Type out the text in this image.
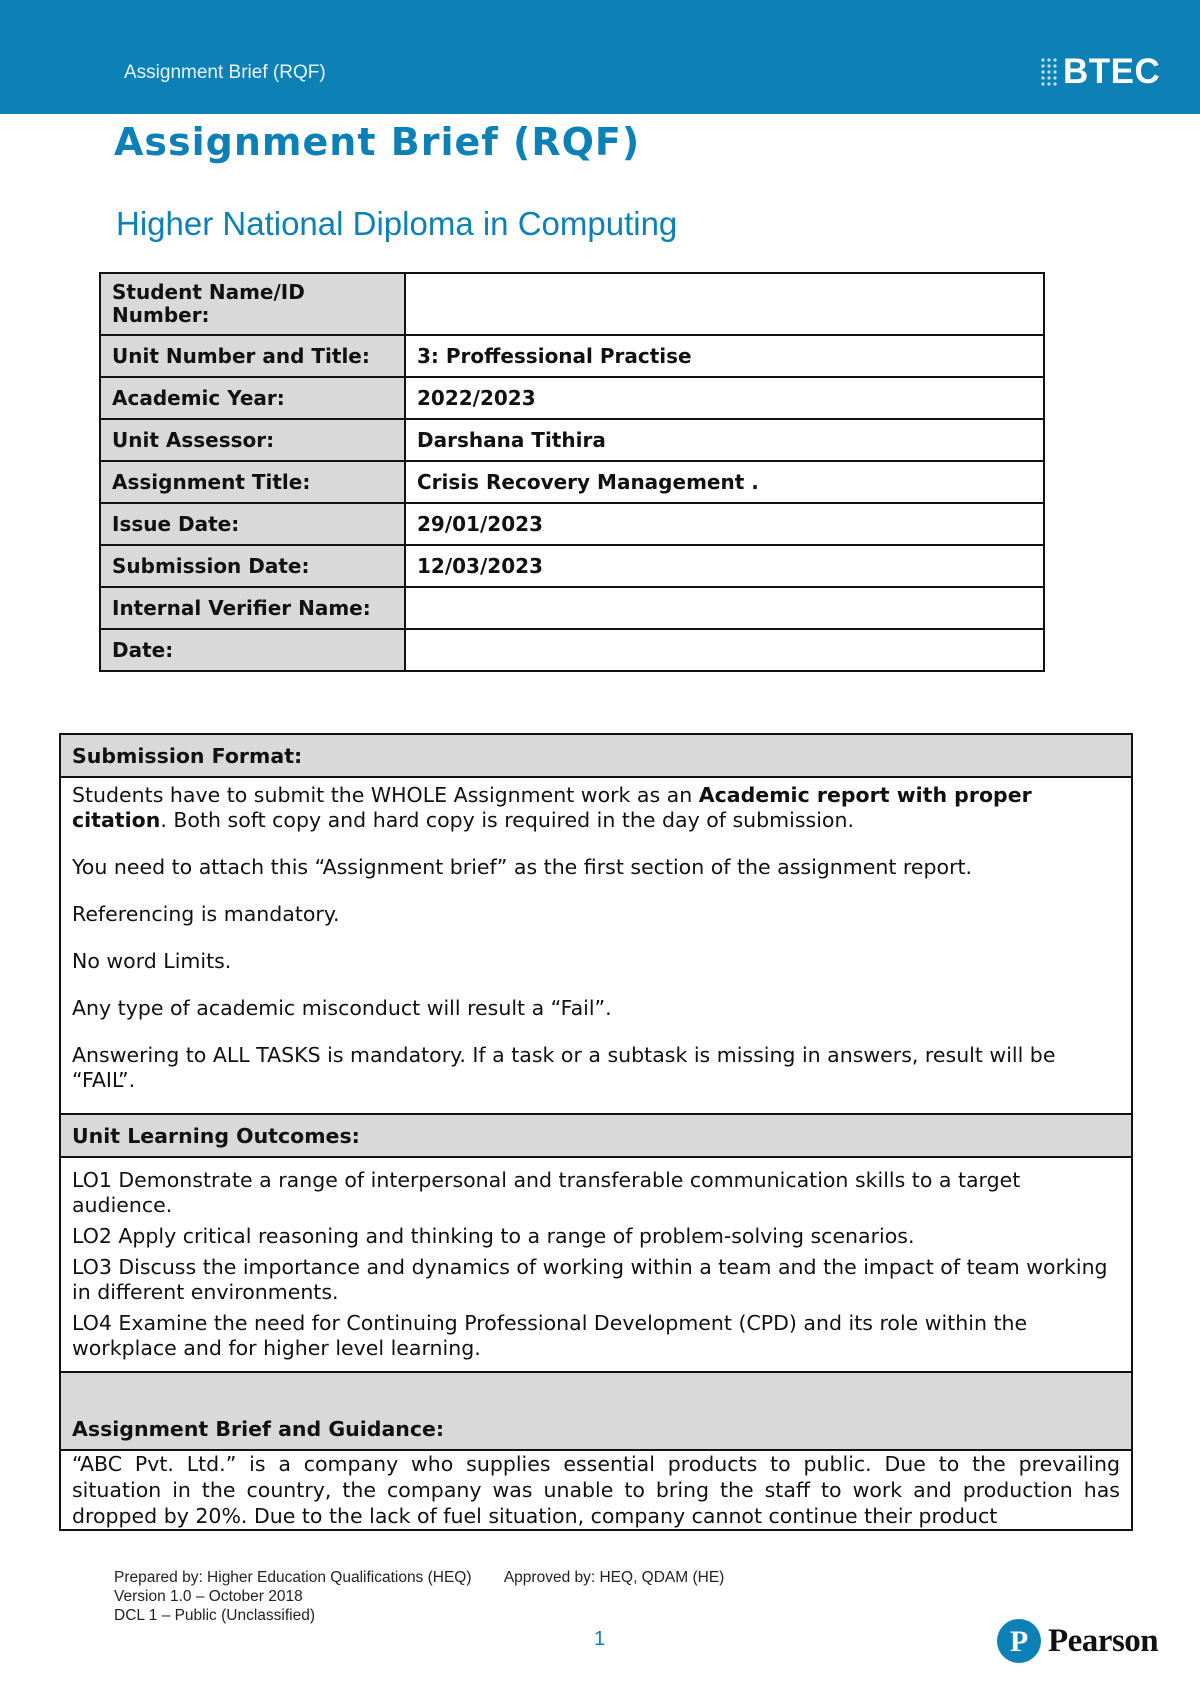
Assignment Brief (RQF)	BTEC
Assignment Brief (RQF)
Higher National Diploma in Computing
Student Name/ID Number:	
Unit Number and Title:	3: Proffessional Practise
Academic Year:	2022/2023
Unit Assessor:	Darshana Tithira
Assignment Title:	Crisis Recovery Management .
Issue Date:	29/01/2023
Submission Date:	12/03/2023
Internal Verifier Name:	
Date:	
Submission Format:

Students have to submit the WHOLE Assignment work as an Academic report with proper citation. Both soft copy and hard copy is required in the day of submission.

You need to attach this “Assignment brief” as the first section of the assignment report.

Referencing is mandatory.

No word Limits.

Any type of academic misconduct will result a “Fail”.

Answering to ALL TASKS is mandatory. If a task or a subtask is missing in answers, result will be “FAIL”.

Unit Learning Outcomes:

LO1 Demonstrate a range of interpersonal and transferable communication skills to a target audience.

LO2 Apply critical reasoning and thinking to a range of problem-solving scenarios.

LO3 Discuss the importance and dynamics of working within a team and the impact of team working in different environments.

LO4 Examine the need for Continuing Professional Development (CPD) and its role within the workplace and for higher level learning.

Assignment Brief and Guidance:

“ABC Pvt. Ltd.” is a company who supplies essential products to public. Due to the prevailing situation in the country, the company was unable to bring the staff to work and production has dropped by 20%. Due to the lack of fuel situation, company cannot continue their product

Prepared by: Higher Education Qualifications (HEQ) Approved by: HEQ, QDAM (HE)
Version 1.0 – October 2018
DCL 1 – Public (Unclassified)
1	P Pearson
